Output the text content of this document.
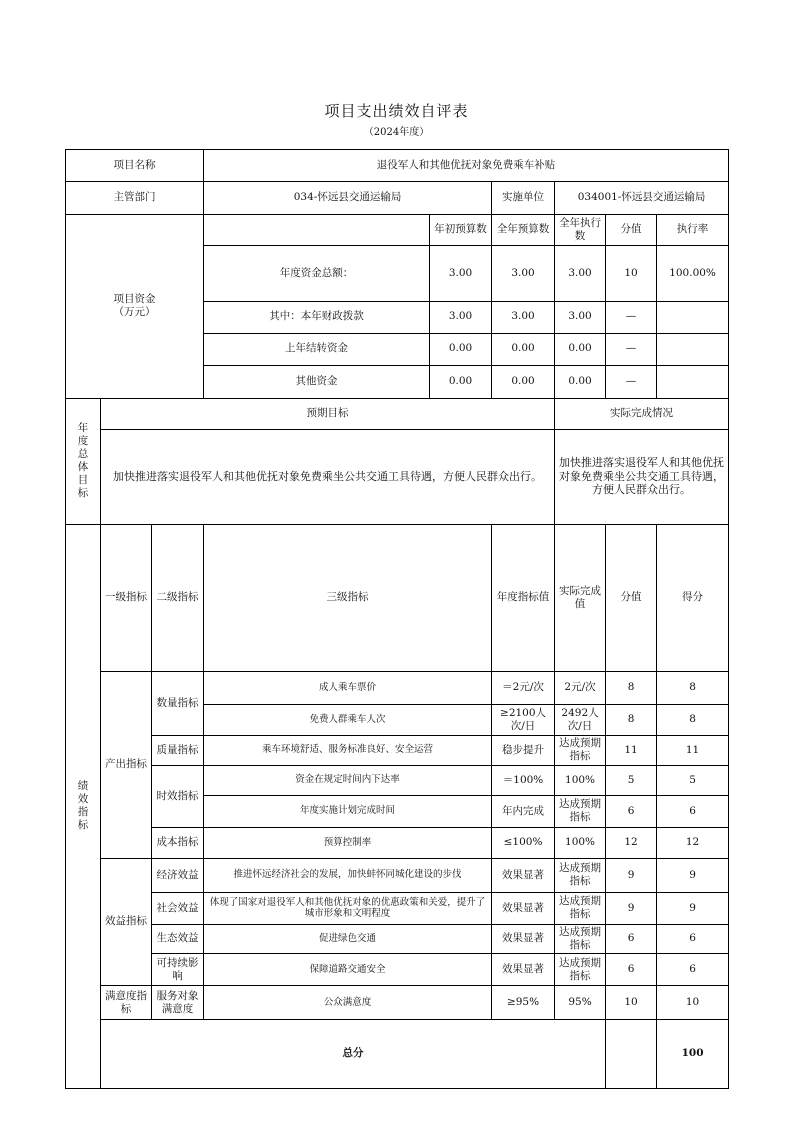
项目支出绩效自评表
（2024年度）
项目名称			退役军人和其他优抚对象免费乘车补贴						
主管部门			034-怀远县交通运输局		实施单位	034001-怀远县交通运输局			
项目资金
（万元）				年初预算数	全年预算数	全年执行数	分值	执行率	
			年度资金总额：	3.00	3.00	3.00	10	100.00%	
			其中：本年财政拨款	3.00	3.00	3.00	—		
			上年结转资金	0.00	0.00	0.00	—		
			其他资金	0.00	0.00	0.00	—		
年度总体目标	预期目标					实际完成情况			
	加快推进落实退役军人和其他优抚对象免费乘坐公共交通工具待遇，方便人民群众出行。					加快推进落实退役军人和其他优抚对象免费乘坐公共交通工具待遇，方便人民群众出行。			
绩效指标	一级指标	二级指标	三级指标		年度指标值	实际完成值	分值	得分	
	产出指标	数量指标	成人乘车票价		＝2元/次	2元/次	8	8	
			免费人群乘车人次		≥2100人次/日	2492人次/日	8	8	
		质量指标	乘车环境舒适、服务标准良好、安全运营		稳步提升	达成预期指标	11	11	
		时效指标	资金在规定时间内下达率		＝100%	100%	5	5	
			年度实施计划完成时间		年内完成	达成预期指标	6	6	
		成本指标	预算控制率		≤100%	100%	12	12	
	效益指标	经济效益	推进怀远经济社会的发展，加快蚌怀同城化建设的步伐		效果显著	达成预期指标	9	9	
		社会效益	体现了国家对退役军人和其他优抚对象的优惠政策和关爱，提升了城市形象和文明程度		效果显著	达成预期指标	9	9	
		生态效益	促进绿色交通		效果显著	达成预期指标	6	6	
		可持续影响	保障道路交通安全		效果显著	达成预期指标	6	6	
	满意度指标	服务对象满意度	公众满意度		≥95%	95%	10	10	
	总分							100		
